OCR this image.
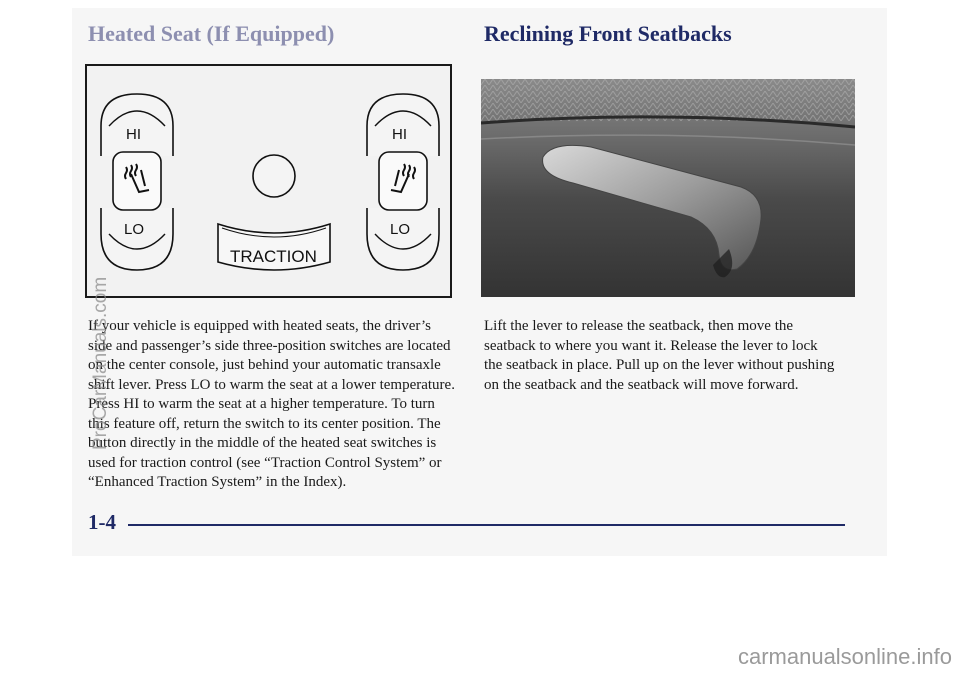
Heated Seat (If Equipped)	Reclining Front Seatbacks
HI
LO
TRACTION
HI
LO

If your vehicle is equipped with heated seats, the driver’s side and passenger’s side three-position switches are located on the center console, just behind your automatic transaxle shift lever. Press LO to warm the seat at a lower temperature. Press HI to warm the seat at a higher temperature. To turn this feature off, return the switch to its center position. The button directly in the middle of the heated seat switches is used for traction control (see “Traction Control System” or “Enhanced Traction System” in the Index).

Lift the lever to release the seatback, then move the seatback to where you want it. Release the lever to lock the seatback in place. Pull up on the lever without pushing on the seatback and the seatback will move forward.

1-4

ProCarManuals.com

carmanualsonline.info
